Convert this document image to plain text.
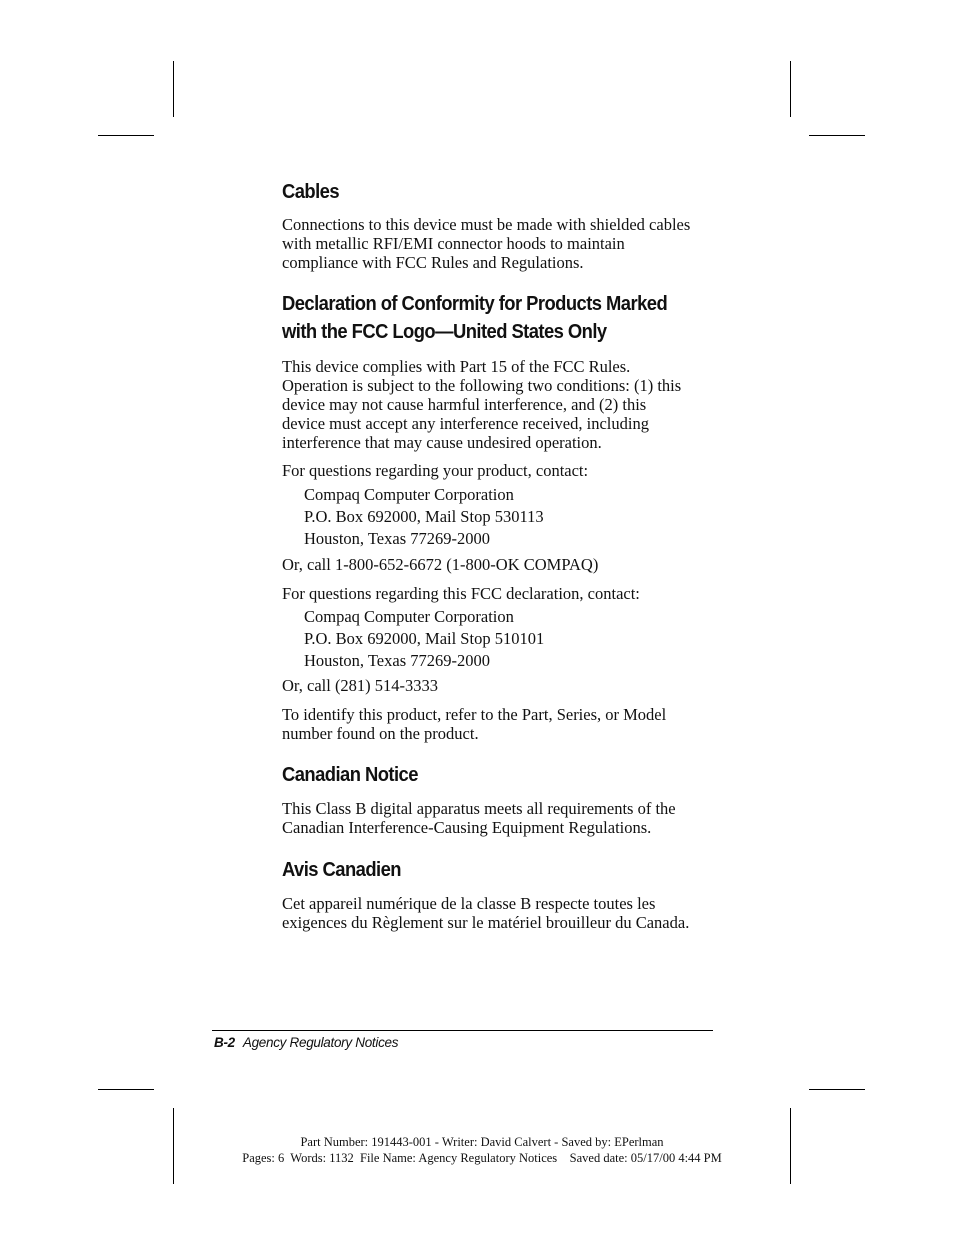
Cables

Connections to this device must be made with shielded cables
with metallic RFI/EMI connector hoods to maintain
compliance with FCC Rules and Regulations.

Declaration of Conformity for Products Marked
with the FCC Logo—United States Only

This device complies with Part 15 of the FCC Rules.
Operation is subject to the following two conditions: (1) this
device may not cause harmful interference, and (2) this
device must accept any interference received, including
interference that may cause undesired operation.

For questions regarding your product, contact:

Compaq Computer Corporation
P.O. Box 692000, Mail Stop 530113
Houston, Texas 77269-2000

Or, call 1-800-652-6672 (1-800-OK COMPAQ)

For questions regarding this FCC declaration, contact:

Compaq Computer Corporation
P.O. Box 692000, Mail Stop 510101
Houston, Texas 77269-2000

Or, call (281) 514-3333

To identify this product, refer to the Part, Series, or Model
number found on the product.

Canadian Notice

This Class B digital apparatus meets all requirements of the
Canadian Interference-Causing Equipment Regulations.

Avis Canadien

Cet appareil numérique de la classe B respecte toutes les
exigences du Règlement sur le matériel brouilleur du Canada.

B-2 Agency Regulatory Notices
Part Number: 191443-001 - Writer: David Calvert - Saved by: EPerlman
Pages: 6  Words: 1132  File Name: Agency Regulatory Notices    Saved date: 05/17/00 4:44 PM
